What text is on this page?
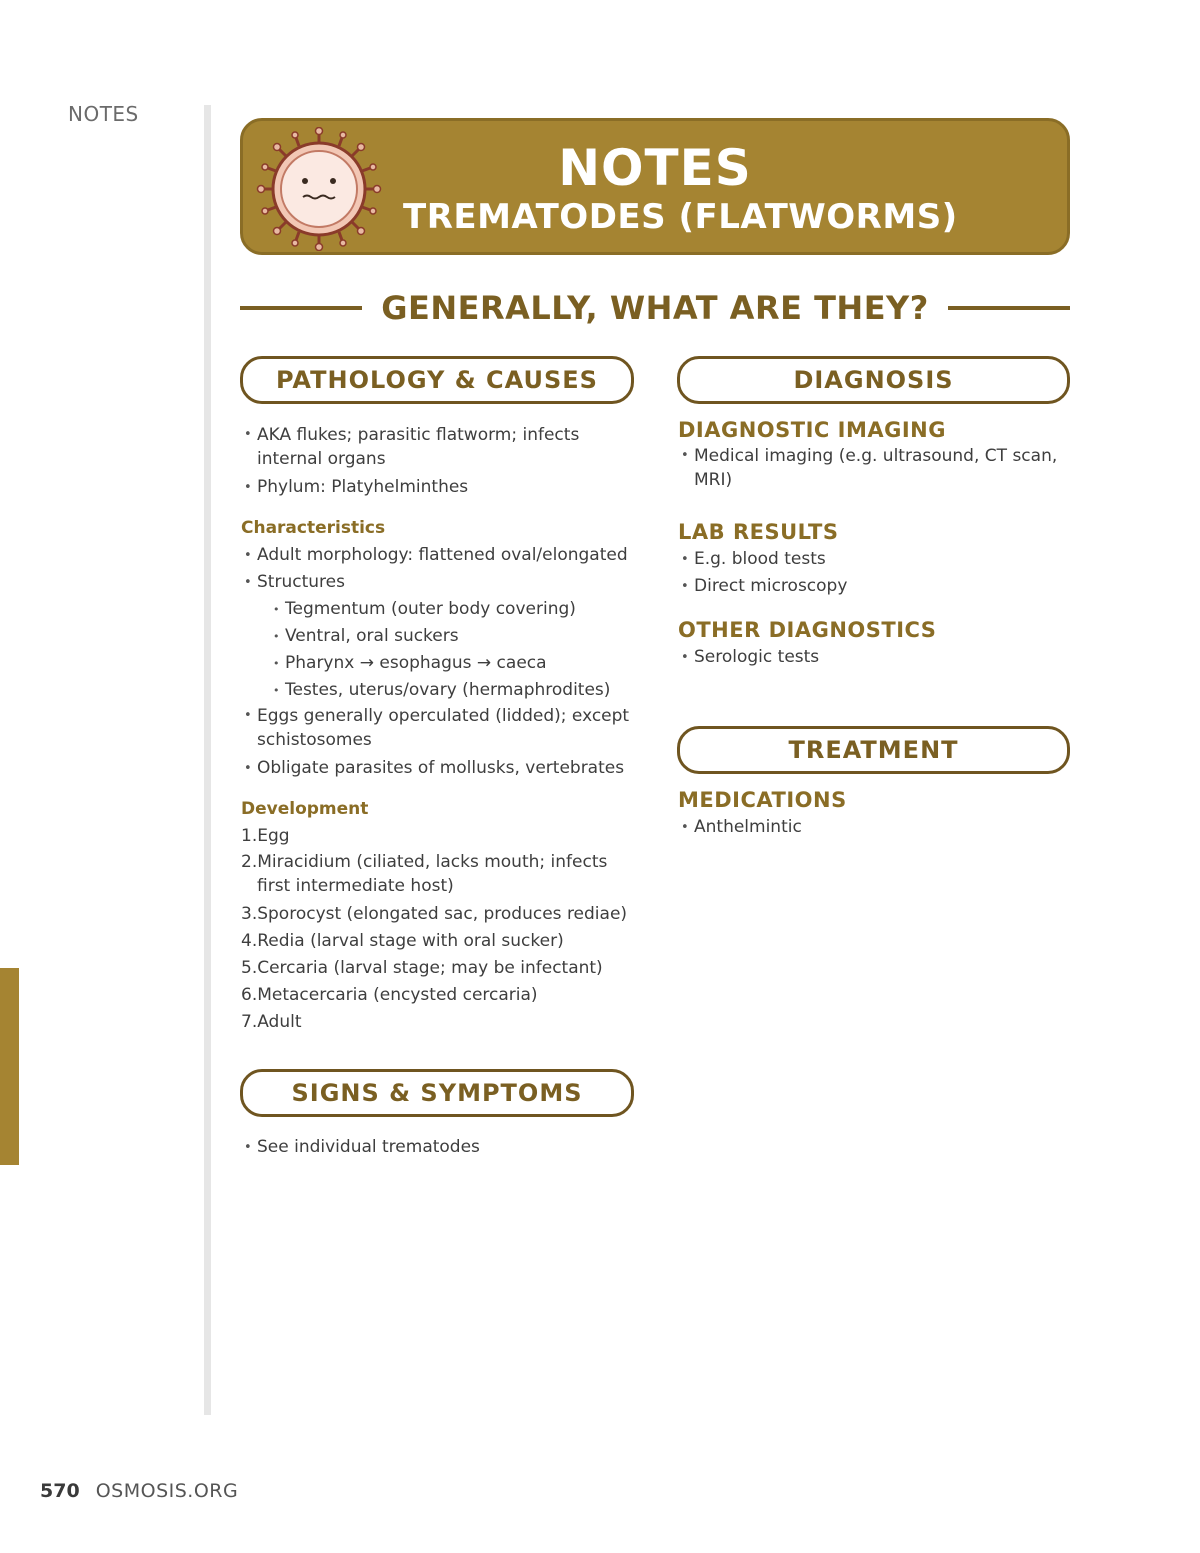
NOTES
NOTES
TREMATODES (FLATWORMS)
GENERALLY, WHAT ARE THEY?
PATHOLOGY & CAUSES
• AKA flukes; parasitic flatworm; infects internal organs
• Phylum: Platyhelminthes
Characteristics
• Adult morphology: flattened oval/elongated
• Structures
• Tegmentum (outer body covering)
• Ventral, oral suckers
• Pharynx → esophagus → caeca
• Testes, uterus/ovary (hermaphrodites)
• Eggs generally operculated (lidded); except schistosomes
• Obligate parasites of mollusks, vertebrates
Development
1.Egg
2.Miracidium (ciliated, lacks mouth; infects first intermediate host)
3.Sporocyst (elongated sac, produces rediae)
4.Redia (larval stage with oral sucker)
5.Cercaria (larval stage; may be infectant)
6.Metacercaria (encysted cercaria)
7.Adult
SIGNS & SYMPTOMS
• See individual trematodes
DIAGNOSIS
DIAGNOSTIC IMAGING
• Medical imaging (e.g. ultrasound, CT scan, MRI)
LAB RESULTS
• E.g. blood tests
• Direct microscopy
OTHER DIAGNOSTICS
• Serologic tests
TREATMENT
MEDICATIONS
• Anthelmintic
570 OSMOSIS.ORG
